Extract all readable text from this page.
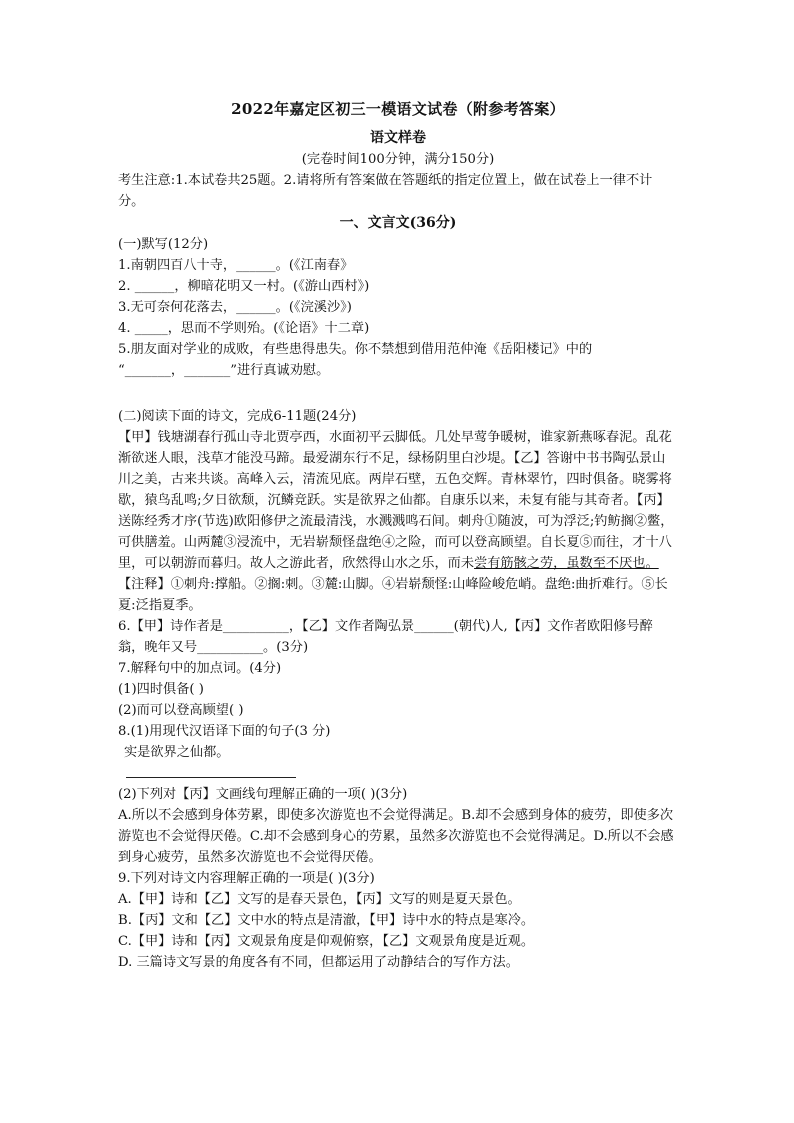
2022年嘉定区初三一模语文试卷（附参考答案）
语文样卷
(完卷时间100分钟，满分150分)
考生注意:1.本试卷共25题。2.请将所有答案做在答题纸的指定位置上，做在试卷上一律不计分。
一、文言文(36分)
(一)默写(12分)
1.南朝四百八十寺，______。(《江南春》
2. ______，柳暗花明又一村。(《游山西村》)
3.无可奈何花落去，______。(《浣溪沙》)
4. _____，思而不学则殆。(《论语》十二章)
5.朋友面对学业的成败，有些患得患失。你不禁想到借用范仲淹《岳阳楼记》中的
“_______，_______”进行真诚劝慰。
(二)阅读下面的诗文，完成6-11题(24分)
【甲】钱塘湖春行孤山寺北贾亭西，水面初平云脚低。几处早莺争暖树，谁家新燕啄春泥。乱花渐欲迷人眼，浅草才能没马蹄。最爱湖东行不足，绿杨阴里白沙堤。【乙】答谢中书书陶弘景山川之美，古来共谈。高峰入云，清流见底。两岸石壁，五色交辉。青林翠竹，四时俱备。晓雾将歇，猿鸟乱鸣;夕日欲颓，沉鳞竞跃。实是欲界之仙都。自康乐以来，未复有能与其奇者。【丙】送陈经秀才序(节选)欧阳修伊之流最清浅，水溅溅鸣石间。刺舟①随波，可为浮泛;钓鲂搁②鳖，可供膳羞。山两麓③浸流中，无岩崭颓怪盘绝④之险，而可以登高顾望。自长夏⑤而往，才十八里，可以朝游而暮归。故人之游此者，欣然得山水之乐，而未尝有筋骸之劳，虽数至不厌也。【注释】①刺舟:撑船。②搁:刺。③麓:山脚。④岩崭颓怪:山峰险峻危峭。盘绝:曲折难行。⑤长夏:泛指夏季。
6.【甲】诗作者是__________，【乙】文作者陶弘景______(朝代)人,【丙】文作者欧阳修号醉翁，晚年又号__________。(3分)
7.解释句中的加点词。(4分)
(1)四时俱备( )
(2)而可以登高顾望( )
8.(1)用现代汉语译下面的句子(3 分)
实是欲界之仙都。
(2)下列对【丙】文画线句理解正确的一项( )(3分)
A.所以不会感到身体劳累，即使多次游览也不会觉得满足。B.却不会感到身体的疲劳，即使多次游览也不会觉得厌倦。C.却不会感到身心的劳累，虽然多次游览也不会觉得满足。D.所以不会感到身心疲劳，虽然多次游览也不会觉得厌倦。
9.下列对诗文内容理解正确的一项是( )(3分)
A.【甲】诗和【乙】文写的是春天景色，【丙】文写的则是夏天景色。
B.【丙】文和【乙】文中水的特点是清澈，【甲】诗中水的特点是寒冷。
C.【甲】诗和【丙】文观景角度是仰观俯察，【乙】文观景角度是近观。
D. 三篇诗文写景的角度各有不同，但都运用了动静结合的写作方法。
